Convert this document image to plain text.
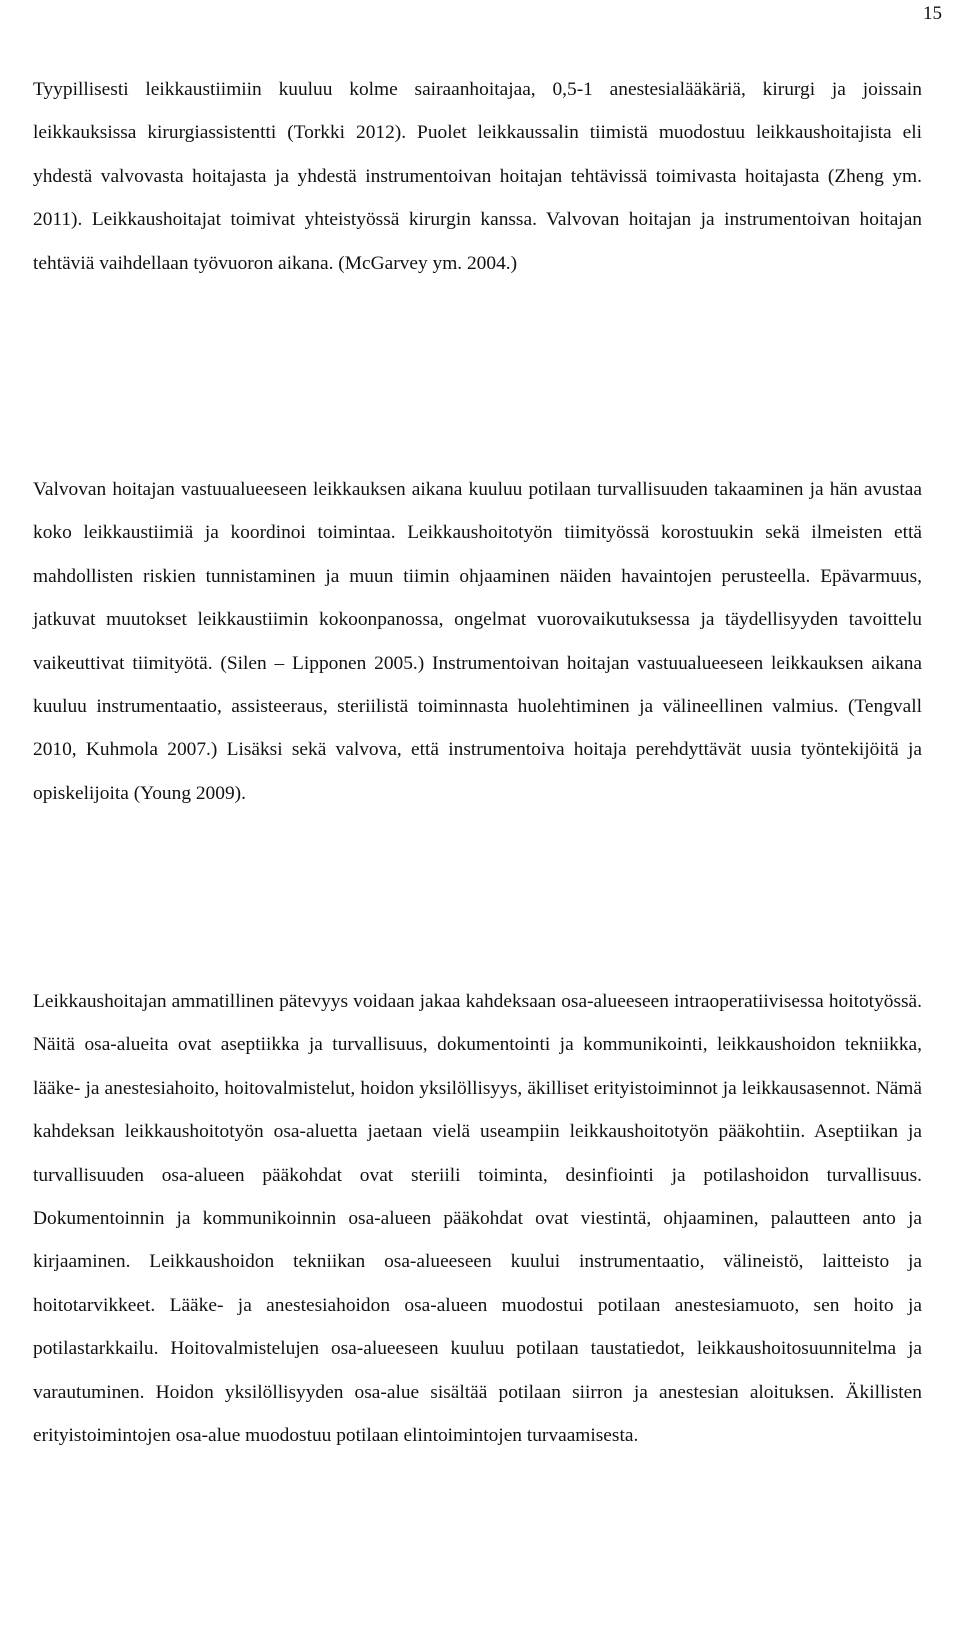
15

Tyypillisesti leikkaustiimiin kuuluu kolme sairaanhoitajaa, 0,5-1 anestesialääkäriä, kirurgi ja joissain leikkauksissa kirurgiassistentti (Torkki 2012). Puolet leikkaussalin tiimistä muodostuu leikkaushoitajista eli yhdestä valvovasta hoitajasta ja yhdestä instrumentoivan hoitajan tehtävissä toimivasta hoitajasta (Zheng ym. 2011). Leikkaushoitajat toimivat yhteistyössä kirurgin kanssa. Valvovan hoitajan ja instrumentoivan hoitajan tehtäviä vaihdellaan työvuoron aikana. (McGarvey ym. 2004.)

Valvovan hoitajan vastuualueeseen leikkauksen aikana kuuluu potilaan turvallisuuden takaaminen ja hän avustaa koko leikkaustiimiä ja koordinoi toimintaa. Leikkaushoitotyön tiimityössä korostuukin sekä ilmeisten että mahdollisten riskien tunnistaminen ja muun tiimin ohjaaminen näiden havaintojen perusteella. Epävarmuus, jatkuvat muutokset leikkaustiimin kokoonpanossa, ongelmat vuorovaikutuksessa ja täydellisyyden tavoittelu vaikeuttivat tiimityötä. (Silen – Lipponen 2005.) Instrumentoivan hoitajan vastuualueeseen leikkauksen aikana kuuluu instrumentaatio, assisteeraus, steriilistä toiminnasta huolehtiminen ja välineellinen valmius. (Tengvall 2010, Kuhmola 2007.) Lisäksi sekä valvova, että instrumentoiva hoitaja perehdyttävät uusia työntekijöitä ja opiskelijoita (Young 2009).

Leikkaushoitajan ammatillinen pätevyys voidaan jakaa kahdeksaan osa-alueeseen intraoperatiivisessa hoitotyössä. Näitä osa-alueita ovat aseptiikka ja turvallisuus, dokumentointi ja kommunikointi, leikkaushoidon tekniikka, lääke- ja anestesiahoito, hoitovalmistelut, hoidon yksilöllisyys, äkilliset erityistoiminnot ja leikkausasennot. Nämä kahdeksan leikkaushoitotyön osa-aluetta jaetaan vielä useampiin leikkaushoitotyön pääkohtiin. Aseptiikan ja turvallisuuden osa-alueen pääkohdat ovat steriili toiminta, desinfiointi ja potilashoidon turvallisuus. Dokumentoinnin ja kommunikoinnin osa-alueen pääkohdat ovat viestintä, ohjaaminen, palautteen anto ja kirjaaminen. Leikkaushoidon tekniikan osa-alueeseen kuului instrumentaatio, välineistö, laitteisto ja hoitotarvikkeet. Lääke- ja anestesiahoidon osa-alueen muodostui potilaan anestesiamuoto, sen hoito ja potilastarkkailu. Hoitovalmistelujen osa-alueeseen kuuluu potilaan taustatiedot, leikkaushoitosuunnitelma ja varautuminen. Hoidon yksilöllisyyden osa-alue sisältää potilaan siirron ja anestesian aloituksen. Äkillisten erityistoimintojen osa-alue muodostuu potilaan elintoimintojen turvaamisesta.
